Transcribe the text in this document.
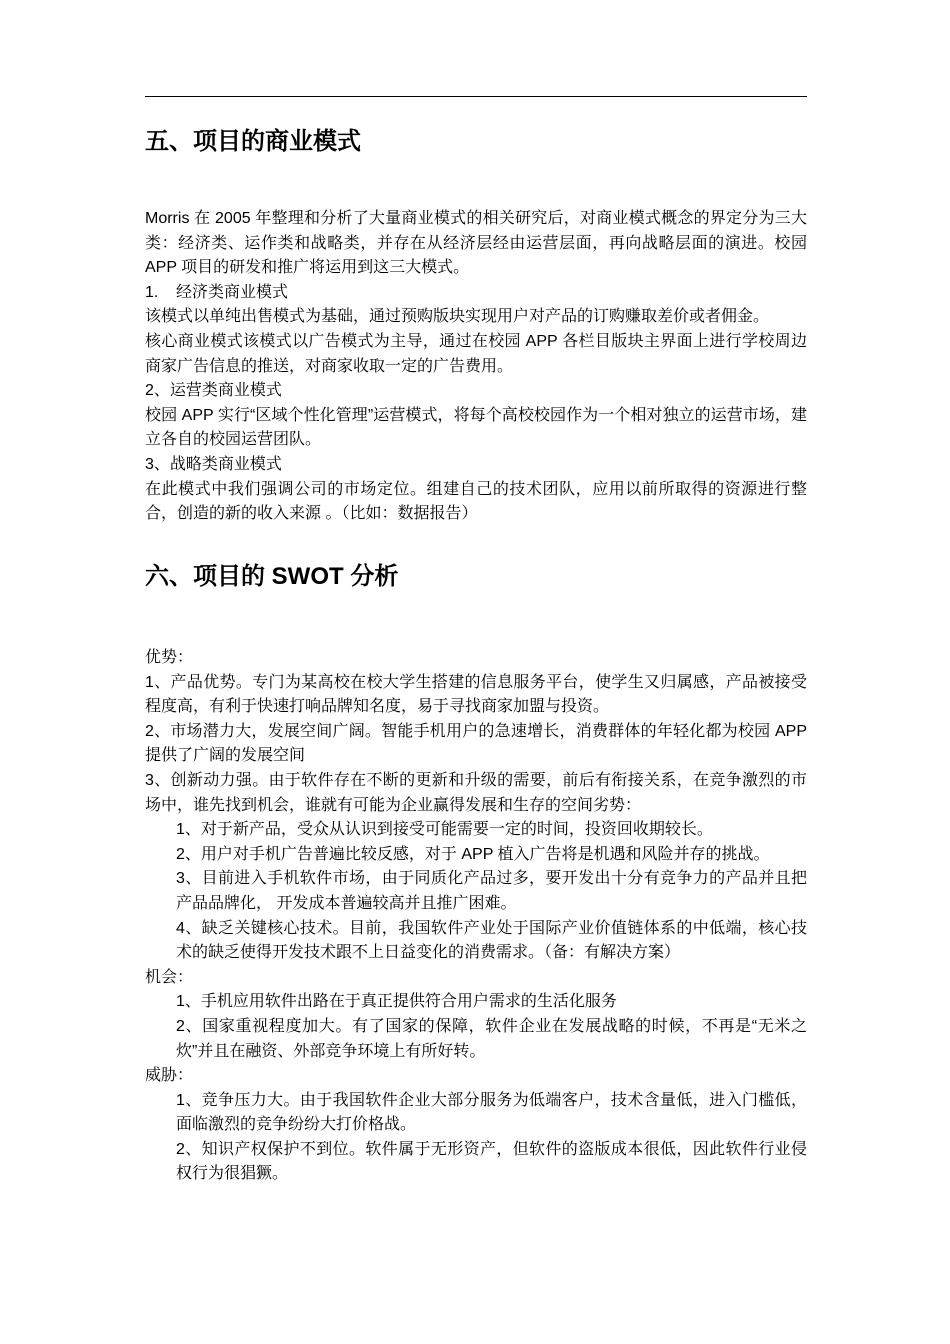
五、项目的商业模式

Morris 在 2005 年整理和分析了大量商业模式的相关研究后，对商业模式概念的界定分为三大类：经济类、运作类和战略类，并存在从经济层经由运营层面，再向战略层面的演进。校园 APP 项目的研发和推广将运用到这三大模式。

1. 经济类商业模式

该模式以单纯出售模式为基础，通过预购版块实现用户对产品的订购赚取差价或者佣金。

核心商业模式该模式以广告模式为主导，通过在校园 APP 各栏目版块主界面上进行学校周边商家广告信息的推送，对商家收取一定的广告费用。

2、运营类商业模式

校园 APP 实行“区域个性化管理”运营模式，将每个高校校园作为一个相对独立的运营市场，建立各自的校园运营团队。

3、战略类商业模式

在此模式中我们强调公司的市场定位。组建自己的技术团队，应用以前所取得的资源进行整合，创造的新的收入来源 。（比如：数据报告）

六、项目的 SWOT 分析

优势：

1、产品优势。专门为某高校在校大学生搭建的信息服务平台，使学生又归属感，产品被接受程度高，有利于快速打响品牌知名度，易于寻找商家加盟与投资。

2、市场潜力大，发展空间广阔。智能手机用户的急速增长，消费群体的年轻化都为校园 APP 提供了广阔的发展空间

3、创新动力强。由于软件存在不断的更新和升级的需要，前后有衔接关系，在竞争激烈的市场中，谁先找到机会，谁就有可能为企业赢得发展和生存的空间劣势：

1、对于新产品，受众从认识到接受可能需要一定的时间，投资回收期较长。

2、用户对手机广告普遍比较反感，对于 APP 植入广告将是机遇和风险并存的挑战。

3、目前进入手机软件市场，由于同质化产品过多，要开发出十分有竞争力的产品并且把产品品牌化， 开发成本普遍较高并且推广困难。

4、缺乏关键核心技术。目前，我国软件产业处于国际产业价值链体系的中低端，核心技术的缺乏使得开发技术跟不上日益变化的消费需求。（备：有解决方案）

机会：

1、手机应用软件出路在于真正提供符合用户需求的生活化服务

2、国家重视程度加大。有了国家的保障，软件企业在发展战略的时候，不再是“无米之炊”并且在融资、外部竞争环境上有所好转。

威胁：

1、竞争压力大。由于我国软件企业大部分服务为低端客户，技术含量低，进入门槛低，面临激烈的竞争纷纷大打价格战。

2、知识产权保护不到位。软件属于无形资产，但软件的盗版成本很低，因此软件行业侵权行为很猖獗。
